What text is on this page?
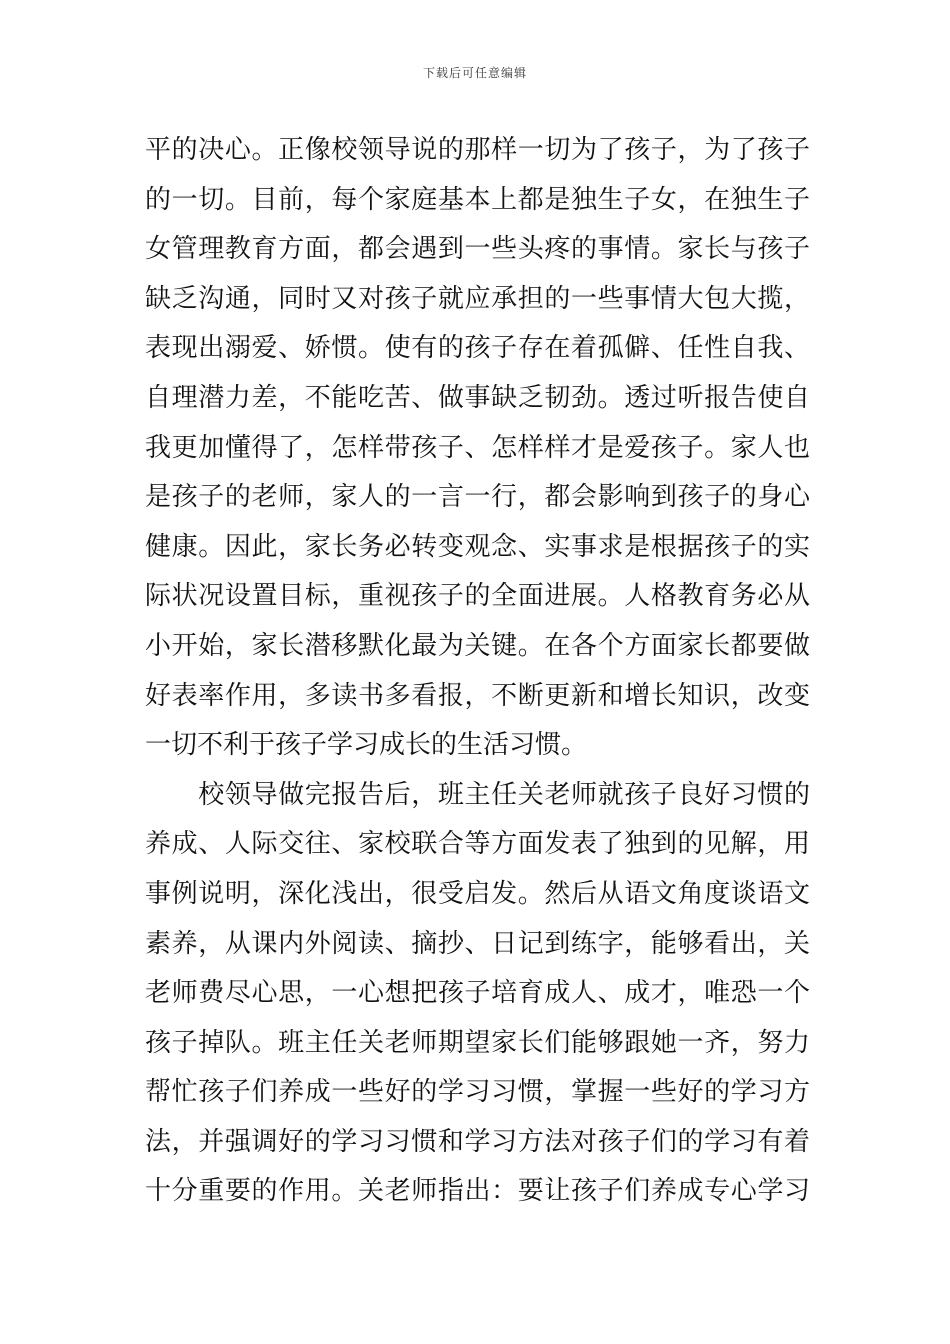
下载后可任意编辑
平的决心。正像校领导说的那样一切为了孩子，为了孩子
的一切。目前，每个家庭基本上都是独生子女，在独生子
女管理教育方面，都会遇到一些头疼的事情。家长与孩子
缺乏沟通，同时又对孩子就应承担的一些事情大包大揽，
表现出溺爱、娇惯。使有的孩子存在着孤僻、任性自我、
自理潜力差，不能吃苦、做事缺乏韧劲。透过听报告使自
我更加懂得了，怎样带孩子、怎样样才是爱孩子。家人也
是孩子的老师，家人的一言一行，都会影响到孩子的身心
健康。因此，家长务必转变观念、实事求是根据孩子的实
际状况设置目标，重视孩子的全面进展。人格教育务必从
小开始，家长潜移默化最为关键。在各个方面家长都要做
好表率作用，多读书多看报，不断更新和增长知识，改变
一切不利于孩子学习成长的生活习惯。
　　校领导做完报告后，班主任关老师就孩子良好习惯的
养成、人际交往、家校联合等方面发表了独到的见解，用
事例说明，深化浅出，很受启发。然后从语文角度谈语文
素养，从课内外阅读、摘抄、日记到练字，能够看出，关
老师费尽心思，一心想把孩子培育成人、成才，唯恐一个
孩子掉队。班主任关老师期望家长们能够跟她一齐，努力
帮忙孩子们养成一些好的学习习惯，掌握一些好的学习方
法，并强调好的学习习惯和学习方法对孩子们的学习有着
十分重要的作用。关老师指出：要让孩子们养成专心学习
